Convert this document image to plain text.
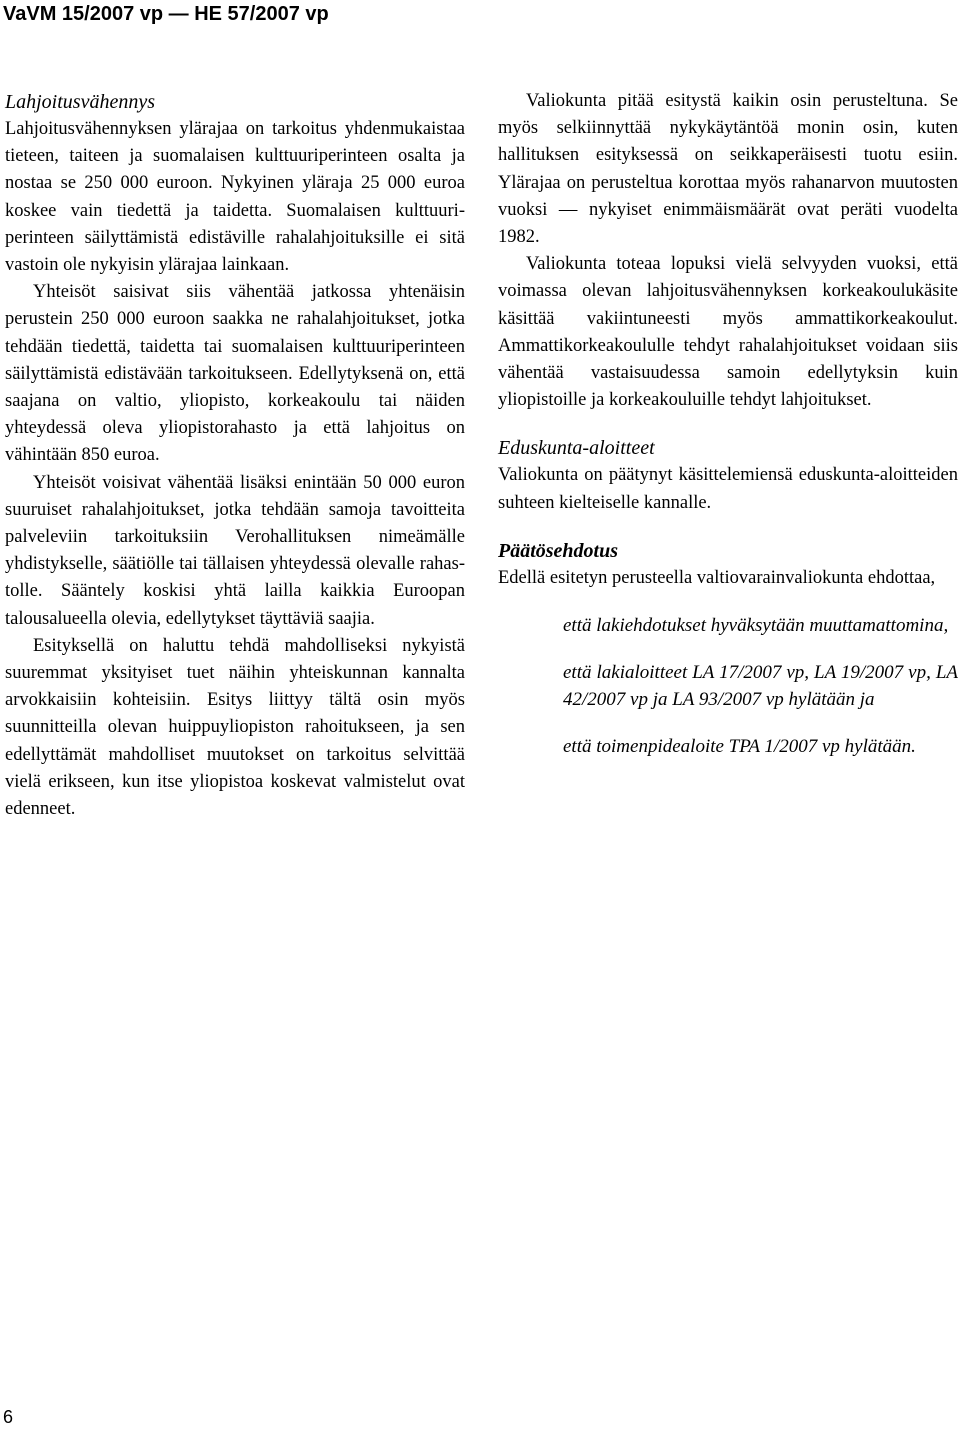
VaVM 15/2007 vp — HE 57/2007 vp
Lahjoitusvähennys

Lahjoitusvähennyksen ylärajaa on tarkoitus yhdenmukaistaa tieteen, taiteen ja suomalaisen kulttuuriperinteen osalta ja nostaa se 250 000 euroon. Nykyinen yläraja 25 000 euroa koskee vain tiedettä ja taidetta. Suomalaisen kulttuuriperinteen säilyttämistä edistäville rahalahjoituksille ei sitä vastoin ole nykyisin ylärajaa lainkaan.

Yhteisöt saisivat siis vähentää jatkossa yhtenäisin perustein 250 000 euroon saakka ne rahalahjoitukset, jotka tehdään tiedettä, taidetta tai suomalaisen kulttuuriperinteen säilyttämistä edistävään tarkoitukseen. Edellytyksenä on, että saajana on valtio, yliopisto, korkeakoulu tai näiden yhteydessä oleva yliopistorahasto ja että lahjoitus on vähintään 850 euroa.

Yhteisöt voisivat vähentää lisäksi enintään 50 000 euron suuruiset rahalahjoitukset, jotka tehdään samoja tavoitteita palveleviin tarkoituksiin Verohallituksen nimeämälle yhdistykselle, säätiölle tai tällaisen yhteydessä olevalle rahastolle. Sääntely koskisi yhtä lailla kaikkia Euroopan talousalueella olevia, edellytykset täyttäviä saajia.

Esityksellä on haluttu tehdä mahdolliseksi nykyistä suuremmat yksityiset tuet näihin yhteiskunnan kannalta arvokkaisiin kohteisiin. Esitys liittyy tältä osin myös suunnitteilla olevan huippuyliopiston rahoitukseen, ja sen edellyttämät mahdolliset muutokset on tarkoitus selvittää vielä erikseen, kun itse yliopistoa koskevat valmistelut ovat edenneet.

Valiokunta pitää esitystä kaikin osin perusteltuna. Se myös selkiinnyttää nykykäytäntöä monin osin, kuten hallituksen esityksessä on seikkaperäisesti tuotu esiin. Ylärajaa on perusteltua korottaa myös rahanarvon muutosten vuoksi — nykyiset enimmäismäärät ovat peräti vuodelta 1982.

Valiokunta toteaa lopuksi vielä selvyyden vuoksi, että voimassa olevan lahjoitusvähennyksen korkeakoulukäsite käsittää vakiintuneesti myös ammattikorkeakoulut. Ammattikorkeakoululle tehdyt rahalahjoitukset voidaan siis vähentää vastaisuudessa samoin edellytyksin kuin yliopistoille ja korkeakouluille tehdyt lahjoitukset.

Eduskunta-aloitteet

Valiokunta on päätynyt käsittelemiensä eduskunta-aloitteiden suhteen kielteiselle kannalle.

Päätösehdotus

Edellä esitetyn perusteella valtiovarainvaliokunta ehdottaa,

että lakiehdotukset hyväksytään muuttamattomina,

että lakialoitteet LA 17/2007 vp, LA 19/2007 vp, LA 42/2007 vp ja LA 93/2007 vp hylätään ja

että toimenpidealoite TPA 1/2007 vp hylätään.

6
